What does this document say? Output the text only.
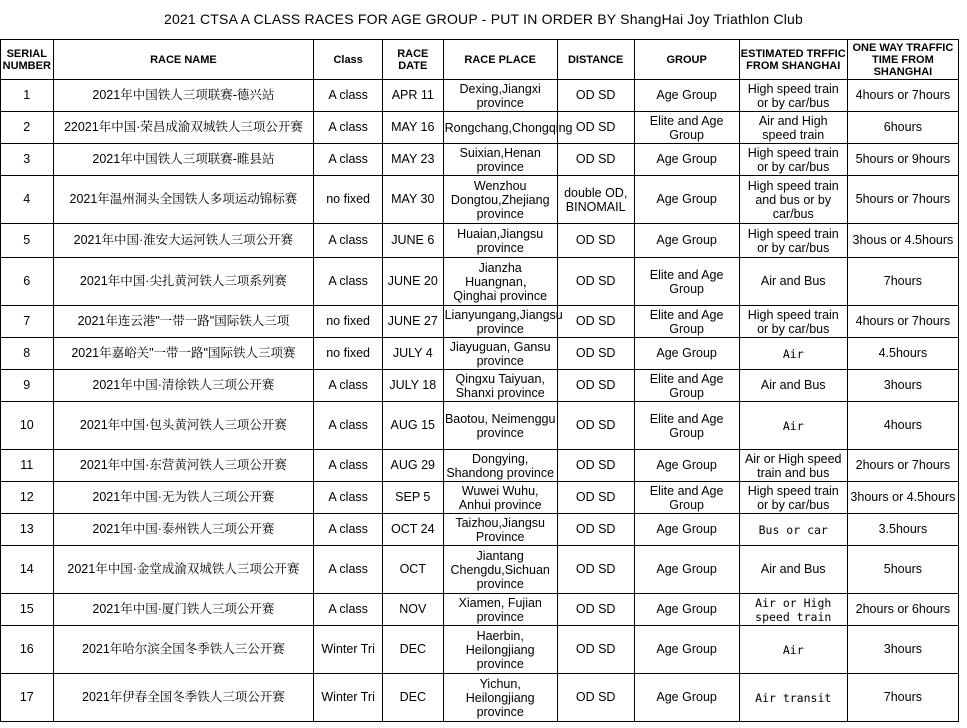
2021 CTSA A CLASS RACES FOR AGE GROUP - PUT IN ORDER BY ShangHai Joy Triathlon Club
SERIAL NUMBER	RACE NAME	Class	RACE DATE	RACE PLACE	DISTANCE	GROUP	ESTIMATED TRFFIC FROM SHANGHAI	ONE WAY TRAFFIC TIME FROM SHANGHAI
1	2021年中国铁人三项联赛-德兴站	A class	APR 11	Dexing,Jiangxi province	OD SD	Age Group	High speed train or by car/bus	4hours or 7hours
2	22021年中国·荣昌成渝双城铁人三项公开赛	A class	MAY 16	Rongchang,Chongqing	OD SD	Elite and Age Group	Air and High speed train	6hours
3	2021年中国铁人三项联赛-睢县站	A class	MAY 23	Suixian,Henan province	OD SD	Age Group	High speed train or by car/bus	5hours or 9hours
4	2021年温州洞头全国铁人多项运动锦标赛	no fixed	MAY 30	Wenzhou Dongtou,Zhejiang province	double OD, BINOMAIL	Age Group	High speed train and bus or by car/bus	5hours or 7hours
5	2021年中国·淮安大运河铁人三项公开赛	A class	JUNE 6	Huaian,Jiangsu province	OD SD	Age Group	High speed train or by car/bus	3hous or 4.5hours
6	2021年中国·尖扎黄河铁人三项系列赛	A class	JUNE 20	Jianzha Huangnan，Qinghai province	OD SD	Elite and Age Group	Air and Bus	7hours
7	2021年连云港"一带一路"国际铁人三项	no fixed	JUNE 27	Lianyungang,Jiangsu province	OD SD	Elite and Age Group	High speed train or by car/bus	4hours or 7hours
8	2021年嘉峪关"一带一路"国际铁人三项赛	no fixed	JULY 4	Jiayuguan, Gansu province	OD SD	Age Group	Air	4.5hours
9	2021年中国·清徐铁人三项公开赛	A class	JULY 18	Qingxu Taiyuan, Shanxi province	OD SD	Elite and Age Group	Air and Bus	3hours
10	2021年中国·包头黄河铁人三项公开赛	A class	AUG 15	Baotou, Neimenggu province	OD SD	Elite and Age Group	Air	4hours
11	2021年中国·东营黄河铁人三项公开赛	A class	AUG 29	Dongying, Shandong province	OD SD	Age Group	Air or High speed train and bus	2hours or 7hours
12	2021年中国·无为铁人三项公开赛	A class	SEP 5	Wuwei Wuhu, Anhui province	OD SD	Elite and Age Group	High speed train or by car/bus	3hours or 4.5hours
13	2021年中国·泰州铁人三项公开赛	A class	OCT 24	Taizhou,Jiangsu Province	OD SD	Age Group	Bus or car	3.5hours
14	2021年中国·金堂成渝双城铁人三项公开赛	A class	OCT	Jiantang Chengdu,Sichuan province	OD SD	Age Group	Air and Bus	5hours
15	2021年中国·厦门铁人三项公开赛	A class	NOV	Xiamen, Fujian province	OD SD	Age Group	Air or High speed train	2hours or 6hours
16	2021年哈尔滨全国冬季铁人三公开赛	Winter Tri	DEC	Haerbin, Heilongjiang province	OD SD	Age Group	Air	3hours
17	2021年伊春全国冬季铁人三项公开赛	Winter Tri	DEC	Yichun, Heilongjiang province	OD SD	Age Group	Air transit	7hours
